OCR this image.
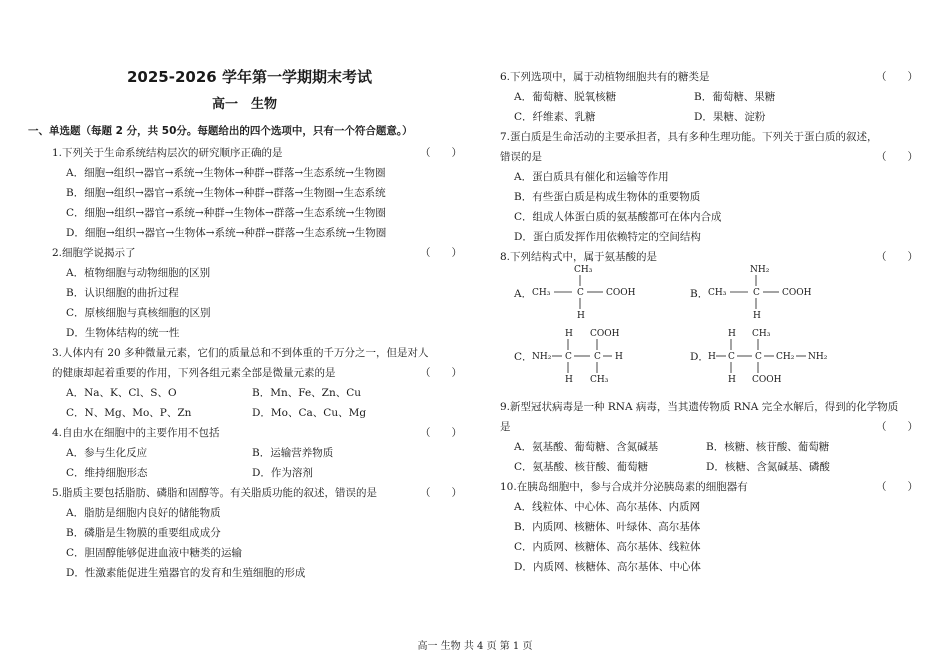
2025-2026 学年第一学期期末考试
高一　生物
一、单选题（每题 2 分，共 50分。每题给出的四个选项中，只有一个符合题意。）
1.下列关于生命系统结构层次的研究顺序正确的是	（　　）
A．细胞→组织→器官→系统→生物体→种群→群落→生态系统→生物圈
B．细胞→组织→器官→系统→生物体→种群→群落→生物圈→生态系统
C．细胞→组织→器官→系统→种群→生物体→群落→生态系统→生物圈
D．细胞→组织→器官→生物体→系统→种群→群落→生态系统→生物圈
2.细胞学说揭示了	（　　）
A．植物细胞与动物细胞的区别
B．认识细胞的曲折过程
C．原核细胞与真核细胞的区别
D．生物体结构的统一性
3.人体内有 20 多种微量元素，它们的质量总和不到体重的千万分之一，但是对人
的健康却起着重要的作用，下列各组元素全部是微量元素的是	（　　）
A．Na、K、Cl、S、O	B．Mn、Fe、Zn、Cu
C．N、Mg、Mo、P、Zn	D．Mo、Ca、Cu、Mg
4.自由水在细胞中的主要作用不包括	（　　）
A．参与生化反应	B．运输营养物质
C．维持细胞形态	D．作为溶剂
5.脂质主要包括脂肪、磷脂和固醇等。有关脂质功能的叙述，错误的是	（　　）
A．脂肪是细胞内良好的储能物质
B．磷脂是生物膜的重要组成成分
C．胆固醇能够促进血液中糖类的运输
D．性激素能促进生殖器官的发育和生殖细胞的形成
6.下列选项中，属于动植物细胞共有的糖类是	（　　）
A．葡萄糖、脱氧核糖	B．葡萄糖、果糖
C．纤维素、乳糖	D．果糖、淀粉
7.蛋白质是生命活动的主要承担者，具有多种生理功能。下列关于蛋白质的叙述，
错误的是	（　　）
A．蛋白质具有催化和运输等作用
B．有些蛋白质是构成生物体的重要物质
C．组成人体蛋白质的氨基酸都可在体内合成
D．蛋白质发挥作用依赖特定的空间结构
8.下列结构式中，属于氨基酸的是	（　　）
A．
CH₃
CH₃	C COOH
H
B．
NH₂
CH₃	C COOH
H
C．
H COOH
NH₂ C C H
H CH₃
D．
H CH₃
H C C CH₂ NH₂
H COOH
9.新型冠状病毒是一种 RNA 病毒，当其遗传物质 RNA 完全水解后，得到的化学物质
是	（　　）
A．氨基酸、葡萄糖、含氮碱基	B．核糖、核苷酸、葡萄糖
C．氨基酸、核苷酸、葡萄糖	D．核糖、含氮碱基、磷酸
10.在胰岛细胞中，参与合成并分泌胰岛素的细胞器有	（　　）
A．线粒体、中心体、高尔基体、内质网
B．内质网、核糖体、叶绿体、高尔基体
C．内质网、核糖体、高尔基体、线粒体
D．内质网、核糖体、高尔基体、中心体
高一 生物 共 4 页 第 1 页
